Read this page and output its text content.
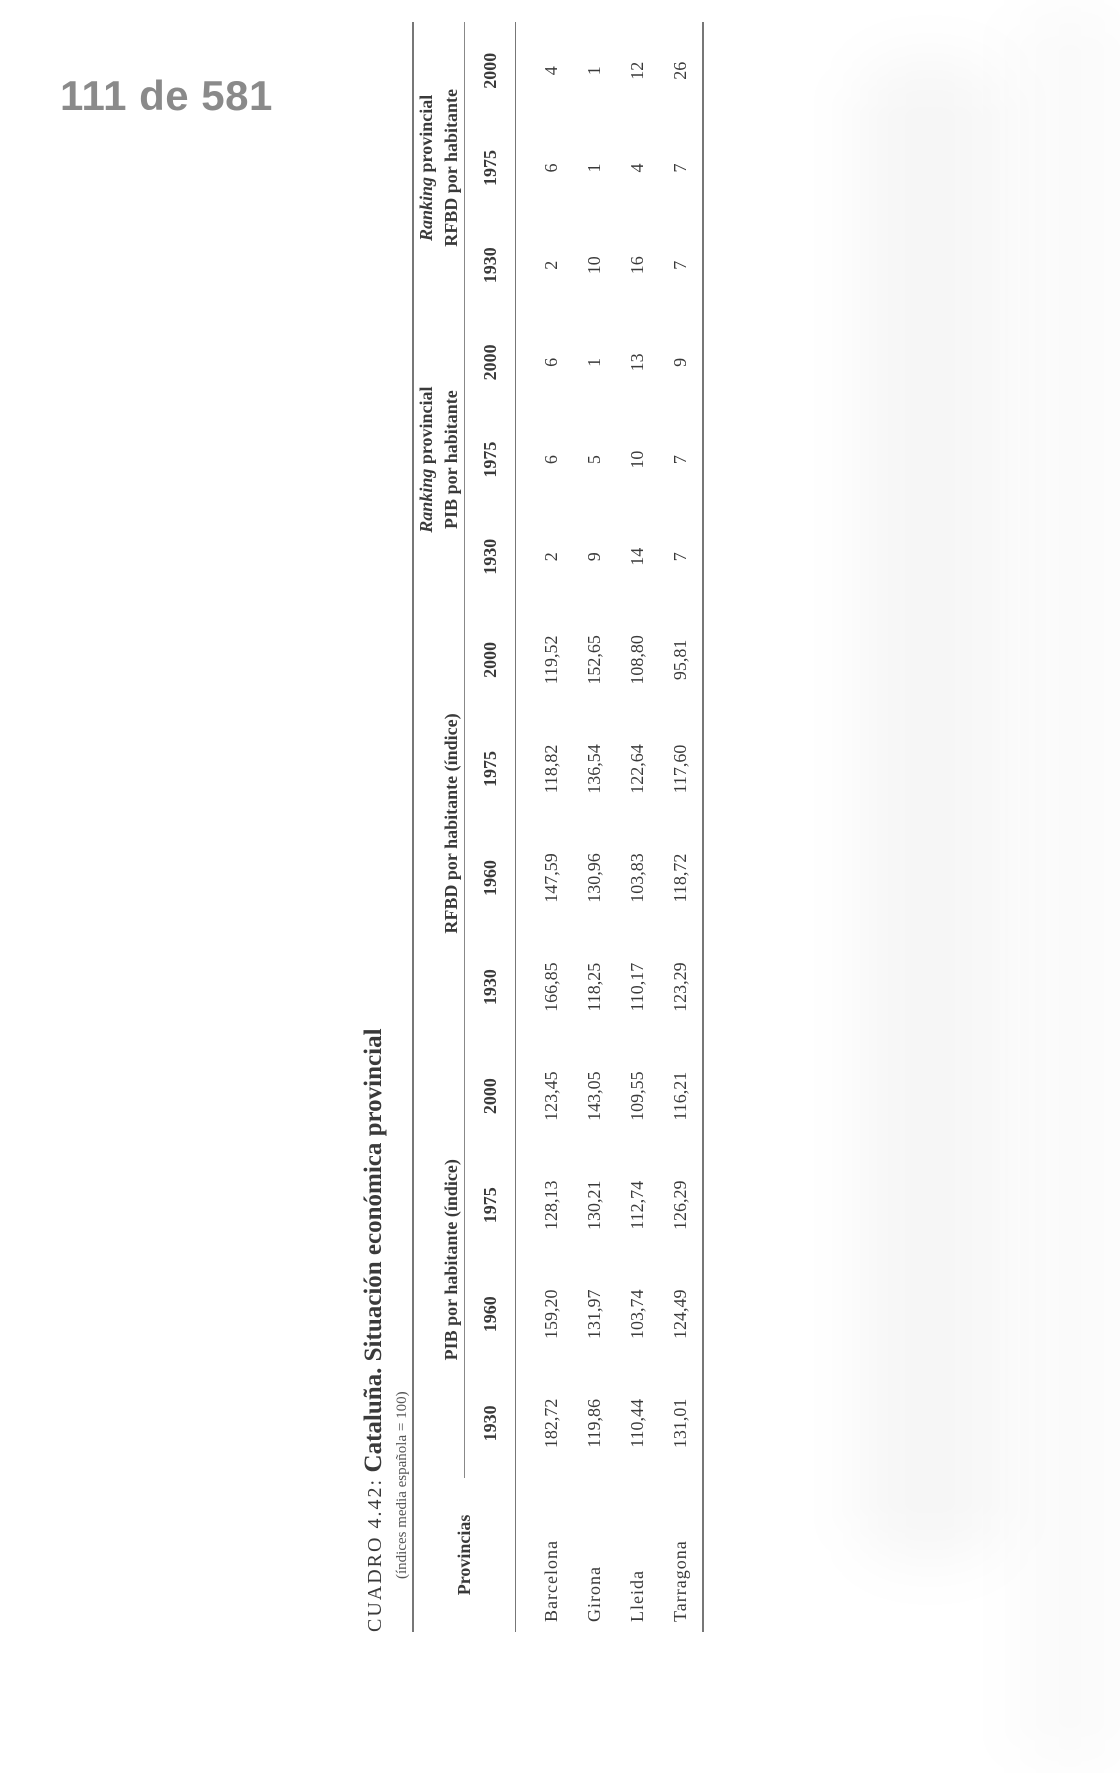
111 de 581
CUADRO 4.42: Cataluña. Situación económica provincial
(índices media española = 100) Provincias	PIB por habitante (índice)				RFBD por habitante (índice)				Ranking provincial PIB por habitante			Ranking provincial RFBD por habitante		
	1930	1960	1975	2000	1930	1960	1975	2000	1930	1975	2000	1930	1975	2000

Barcelona	182,72	159,20	128,13	123,45	166,85	147,59	118,82	119,52	2	6	6	2	6	4
Girona	119,86	131,97	130,21	143,05	118,25	130,96	136,54	152,65	9	5	1	10	1	1
Lleida	110,44	103,74	112,74	109,55	110,17	103,83	122,64	108,80	14	10	13	16	4	12
Tarragona	131,01	124,49	126,29	116,21	123,29	118,72	117,60	95,81	7	7	9	7	7	26
